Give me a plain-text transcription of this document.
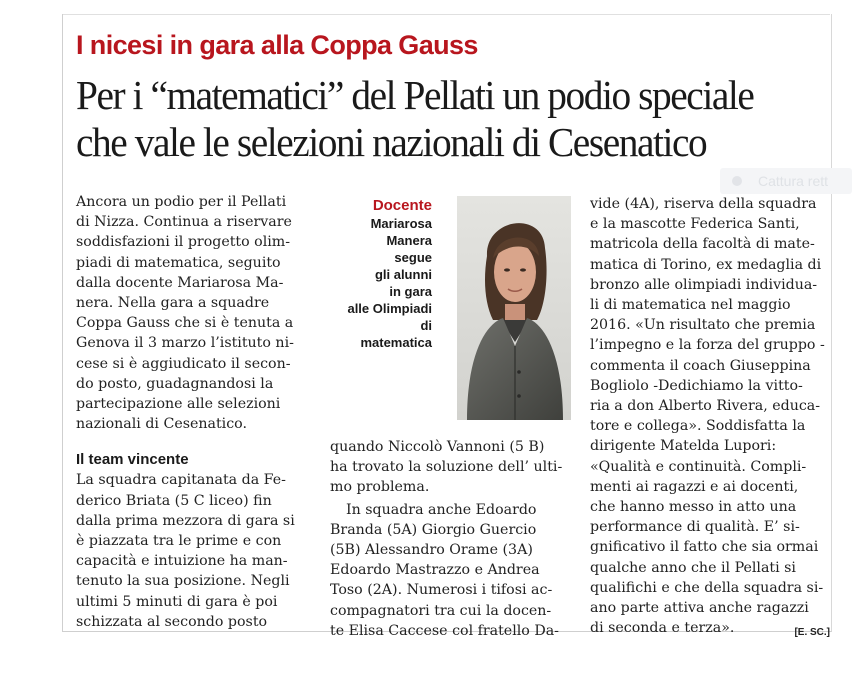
I nicesi in gara alla Coppa Gauss
Per i “matematici” del Pellati un podio speciale
che vale le selezioni nazionali di Cesenatico
Cattura rett
Ancora un podio per il Pellati
di Nizza. Continua a riservare
soddisfazioni il progetto olim-
piadi di matematica, seguito
dalla docente Mariarosa Ma-
nera. Nella gara a squadre
Coppa Gauss che si è tenuta a
Genova il 3 marzo l’istituto ni-
cese si è aggiudicato il secon-
do posto, guadagnandosi la
partecipazione alle selezioni
nazionali di Cesenatico.
Il team vincente
La squadra capitanata da Fe-
derico Briata (5 C liceo) fin
dalla prima mezzora di gara si
è piazzata tra le prime e con
capacità e intuizione ha man-
tenuto la sua posizione. Negli
ultimi 5 minuti di gara è poi
schizzata al secondo posto
Docente
Mariarosa
Manera
segue
gli alunni
in gara
alle Olimpiadi
di
matematica
quando Niccolò Vannoni (5 B)
ha trovato la soluzione dell’ ulti-
mo problema.
In squadra anche Edoardo
Branda (5A) Giorgio Guercio
(5B) Alessandro Orame (3A)
Edoardo Mastrazzo e Andrea
Toso (2A). Numerosi i tifosi ac-
compagnatori tra cui la docen-
te Elisa Caccese col fratello Da-
vide (4A), riserva della squadra
e la mascotte Federica Santi,
matricola della facoltà di mate-
matica di Torino, ex medaglia di
bronzo alle olimpiadi individua-
li di matematica nel maggio
2016. «Un risultato che premia
l’impegno e la forza del gruppo -
commenta il coach Giuseppina
Bogliolo -Dedichiamo la vitto-
ria a don Alberto Rivera, educa-
tore e collega». Soddisfatta la
dirigente Matelda Lupori:
«Qualità e continuità. Compli-
menti ai ragazzi e ai docenti,
che hanno messo in atto una
performance di qualità. E’ si-
gnificativo il fatto che sia ormai
qualche anno che il Pellati si
qualifichi e che della squadra si-
ano parte attiva anche ragazzi
di seconda e terza».	[E. SC.]
